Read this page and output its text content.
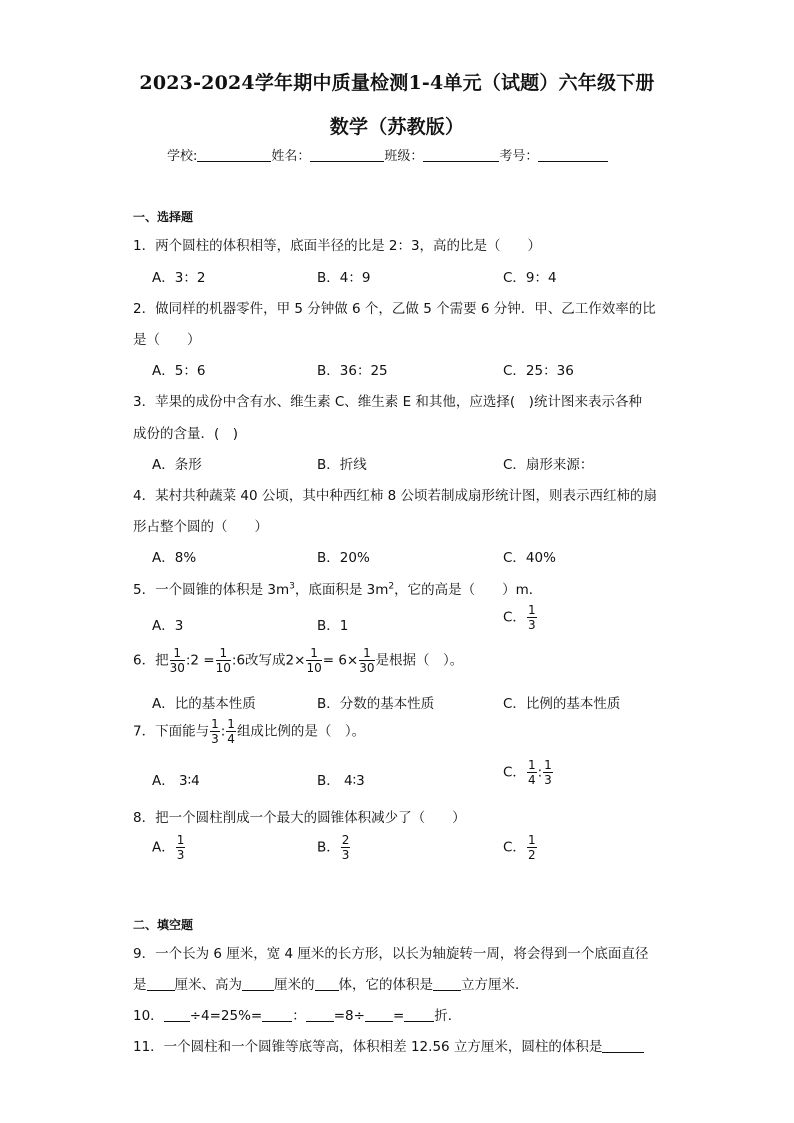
2023-2024学年期中质量检测1-4单元（试题）六年级下册
数学（苏教版）
学校:	姓名：	班级：	考号：
一、选择题
1．两个圆柱的体积相等，底面半径的比是 2：3，高的比是（　　）
A．3：2	B．4：9	C．9：4
2．做同样的机器零件，甲 5 分钟做 6 个，乙做 5 个需要 6 分钟．甲、乙工作效率的比
是（　　）
A．5：6	B．36：25	C．25：36
3．苹果的成份中含有水、维生素 C、维生素 E 和其他，应选择(　)统计图来表示各种
成份的含量．(　)
A．条形	B．折线	C．扇形来源：
4．某村共种蔬菜 40 公顷，其中种西红柿 8 公顷若制成扇形统计图，则表示西红柿的扇
形占整个圆的（　　）
A．8%	B．20%	C．40%
5．一个圆锥的体积是 $3m^3$，底面积是 $3m^2$，它的高是（　　）m．
A．3	B．1
C． $\frac{1}{3}$
6．把 $\frac{1}{30}$ :2 = $\frac{1}{10}$ :6改写成$2\times \frac{1}{10} = 6\times \frac{1}{30}$ 是根据（　）。
A．比的基本性质	B．分数的基本性质	C．比例的基本性质
7．下面能与 $\frac{1}{3}$ : $\frac{1}{4}$ 组成比例的是（　）。
A． 3∶4	B． 4∶3
C． $\frac{1}{4}$ : $\frac{1}{3}$
8．把一个圆柱削成一个最大的圆锥体积减少了（　　）
A． $\frac{1}{3}$	B． $\frac{2}{3}$	C． $\frac{1}{2}$
二、填空题
9．一个长为 6 厘米，宽 4 厘米的长方形，以长为轴旋转一周，将会得到一个底面直径
是 厘米、高为 厘米的 体，它的体积是 立方厘米．
10． ÷4=25%= ： =8÷ = 折．
11．一个圆柱和一个圆锥等底等高，体积相差 12.56 立方厘米，圆柱的体积是
